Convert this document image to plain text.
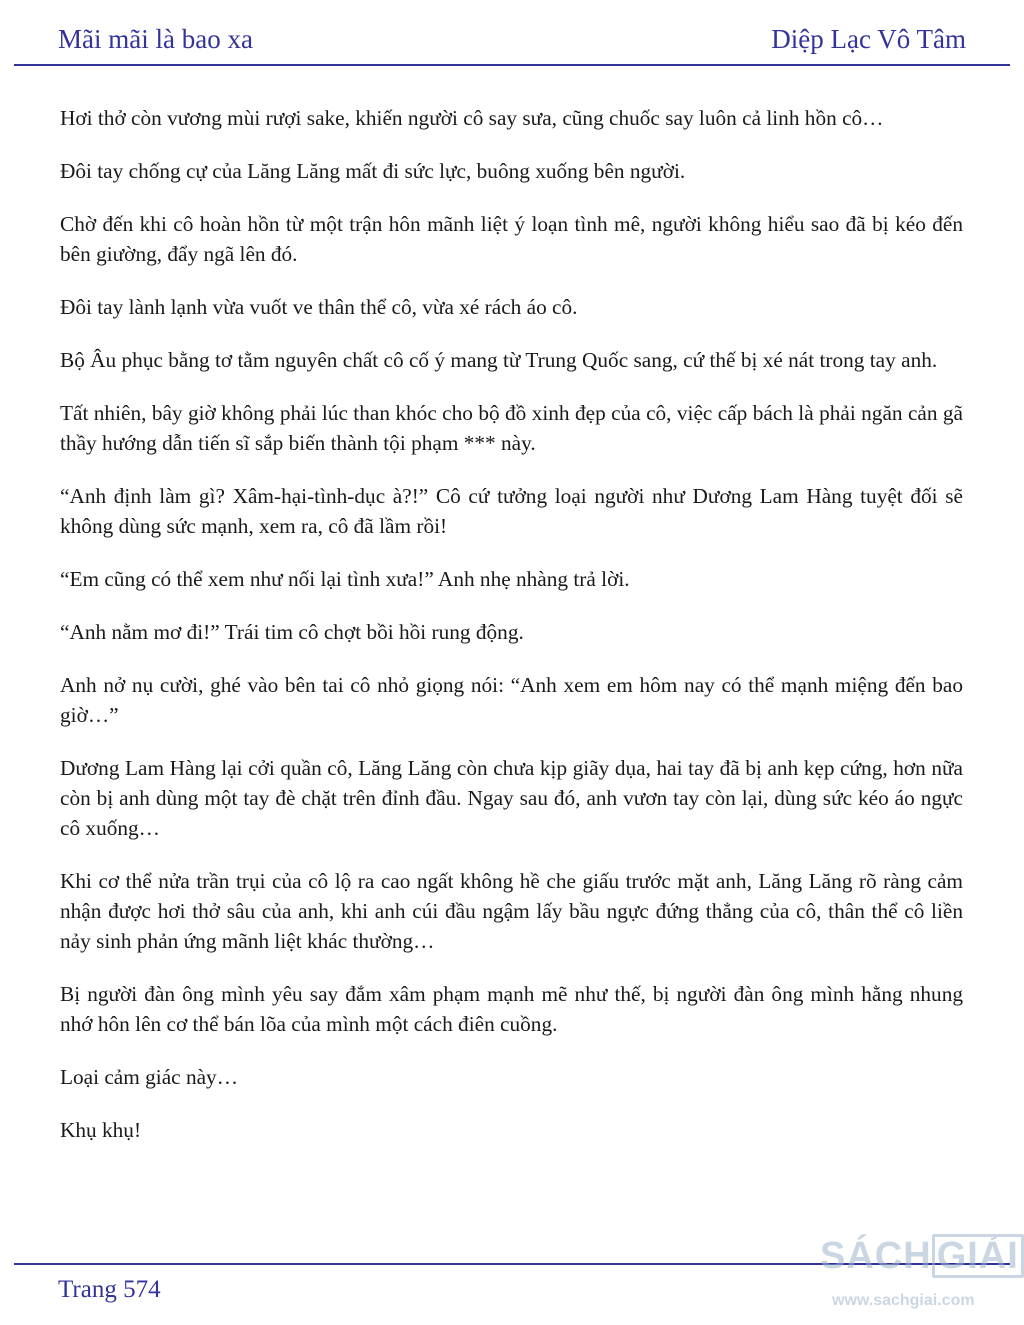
Mãi mãi là bao xa	Diệp Lạc Vô Tâm

Hơi thở còn vương mùi rượi sake, khiến người cô say sưa, cũng chuốc say luôn cả linh hồn cô…

Đôi tay chống cự của Lăng Lăng mất đi sức lực, buông xuống bên người.

Chờ đến khi cô hoàn hồn từ một trận hôn mãnh liệt ý loạn tình mê, người không hiểu sao đã bị kéo đến bên giường, đẩy ngã lên đó.

Đôi tay lành lạnh vừa vuốt ve thân thể cô, vừa xé rách áo cô.

Bộ Âu phục bằng tơ tằm nguyên chất cô cố ý mang từ Trung Quốc sang, cứ thế bị xé nát trong tay anh.

Tất nhiên, bây giờ không phải lúc than khóc cho bộ đồ xinh đẹp của cô, việc cấp bách là phải ngăn cản gã thầy hướng dẫn tiến sĩ sắp biến thành tội phạm *** này.

“Anh định làm gì? Xâm-hại-tình-dục à?!” Cô cứ tưởng loại người như Dương Lam Hàng tuyệt đối sẽ không dùng sức mạnh, xem ra, cô đã lầm rồi!

“Em cũng có thể xem như nối lại tình xưa!” Anh nhẹ nhàng trả lời.

“Anh nằm mơ đi!” Trái tim cô chợt bồi hồi rung động.

Anh nở nụ cười, ghé vào bên tai cô nhỏ giọng nói: “Anh xem em hôm nay có thể mạnh miệng đến bao giờ…”

Dương Lam Hàng lại cởi quần cô, Lăng Lăng còn chưa kịp giãy dụa, hai tay đã bị anh kẹp cứng, hơn nữa còn bị anh dùng một tay đè chặt trên đỉnh đầu. Ngay sau đó, anh vươn tay còn lại, dùng sức kéo áo ngực cô xuống…

Khi cơ thể nửa trần trụi của cô lộ ra cao ngất không hề che giấu trước mặt anh, Lăng Lăng rõ ràng cảm nhận được hơi thở sâu của anh, khi anh cúi đầu ngậm lấy bầu ngực đứng thẳng của cô, thân thể cô liền nảy sinh phản ứng mãnh liệt khác thường…

Bị người đàn ông mình yêu say đắm xâm phạm mạnh mẽ như thế, bị người đàn ông mình hằng nhung nhớ hôn lên cơ thể bán lõa của mình một cách điên cuồng.

Loại cảm giác này…

Khụ khụ!

Trang 574
SÁCH GIẢI
www.sachgiai.com
